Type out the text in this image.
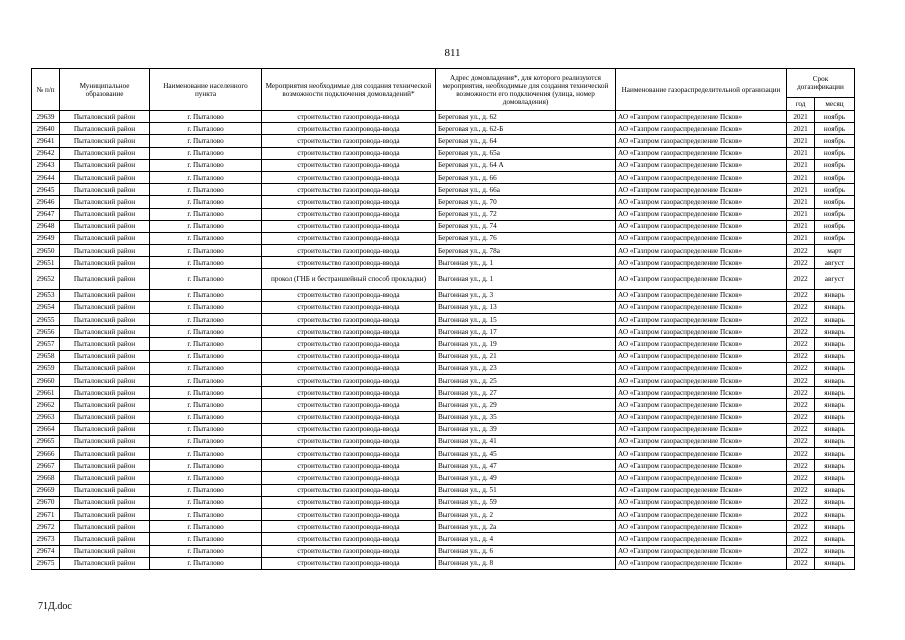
811
№ п/п	Муниципальное образование	Наименование населенного пункта	Мероприятия необходимые для создания технической возможности подключения домовладений*	Адрес домовладения*, для которого реализуются мероприятия, необходимые для создания технической возможности его подключения (улица, номер домовладения)	Наименование газораспределительной организации	Срок догазификации	
						год	месяц
29639	Пыталовский район	г. Пыталово	строительство газопровода-ввода	Береговая ул., д. 62	АО «Газпром газораспределение Псков»	2021	ноябрь
29640	Пыталовский район	г. Пыталово	строительство газопровода-ввода	Береговая ул., д. 62-Б	АО «Газпром газораспределение Псков»	2021	ноябрь
29641	Пыталовский район	г. Пыталово	строительство газопровода-ввода	Береговая ул., д. 64	АО «Газпром газораспределение Псков»	2021	ноябрь
29642	Пыталовский район	г. Пыталово	строительство газопровода-ввода	Береговая ул., д. 65а	АО «Газпром газораспределение Псков»	2021	ноябрь
29643	Пыталовский район	г. Пыталово	строительство газопровода-ввода	Береговая ул., д. 64 А	АО «Газпром газораспределение Псков»	2021	ноябрь
29644	Пыталовский район	г. Пыталово	строительство газопровода-ввода	Береговая ул., д. 66	АО «Газпром газораспределение Псков»	2021	ноябрь
29645	Пыталовский район	г. Пыталово	строительство газопровода-ввода	Береговая ул., д. 66а	АО «Газпром газораспределение Псков»	2021	ноябрь
29646	Пыталовский район	г. Пыталово	строительство газопровода-ввода	Береговая ул., д. 70	АО «Газпром газораспределение Псков»	2021	ноябрь
29647	Пыталовский район	г. Пыталово	строительство газопровода-ввода	Береговая ул., д. 72	АО «Газпром газораспределение Псков»	2021	ноябрь
29648	Пыталовский район	г. Пыталово	строительство газопровода-ввода	Береговая ул., д. 74	АО «Газпром газораспределение Псков»	2021	ноябрь
29649	Пыталовский район	г. Пыталово	строительство газопровода-ввода	Береговая ул., д. 76	АО «Газпром газораспределение Псков»	2021	ноябрь
29650	Пыталовский район	г. Пыталово	строительство газопровода-ввода	Береговая ул., д. 78а	АО «Газпром газораспределение Псков»	2022	март
29651	Пыталовский район	г. Пыталово	строительство газопровода-ввода	Выгонная ул., д. 1	АО «Газпром газораспределение Псков»	2022	август
29652	Пыталовский район	г. Пыталово	прокол (ГНБ и бестраншейный способ прокладки)	Выгонная ул., д. 1	АО «Газпром газораспределение Псков»	2022	август
29653	Пыталовский район	г. Пыталово	строительство газопровода-ввода	Выгонная ул., д. 3	АО «Газпром газораспределение Псков»	2022	январь
29654	Пыталовский район	г. Пыталово	строительство газопровода-ввода	Выгонная ул., д. 13	АО «Газпром газораспределение Псков»	2022	январь
29655	Пыталовский район	г. Пыталово	строительство газопровода-ввода	Выгонная ул., д. 15	АО «Газпром газораспределение Псков»	2022	январь
29656	Пыталовский район	г. Пыталово	строительство газопровода-ввода	Выгонная ул., д. 17	АО «Газпром газораспределение Псков»	2022	январь
29657	Пыталовский район	г. Пыталово	строительство газопровода-ввода	Выгонная ул., д. 19	АО «Газпром газораспределение Псков»	2022	январь
29658	Пыталовский район	г. Пыталово	строительство газопровода-ввода	Выгонная ул., д. 21	АО «Газпром газораспределение Псков»	2022	январь
29659	Пыталовский район	г. Пыталово	строительство газопровода-ввода	Выгонная ул., д. 23	АО «Газпром газораспределение Псков»	2022	январь
29660	Пыталовский район	г. Пыталово	строительство газопровода-ввода	Выгонная ул., д. 25	АО «Газпром газораспределение Псков»	2022	январь
29661	Пыталовский район	г. Пыталово	строительство газопровода-ввода	Выгонная ул., д. 27	АО «Газпром газораспределение Псков»	2022	январь
29662	Пыталовский район	г. Пыталово	строительство газопровода-ввода	Выгонная ул., д. 29	АО «Газпром газораспределение Псков»	2022	январь
29663	Пыталовский район	г. Пыталово	строительство газопровода-ввода	Выгонная ул., д. 35	АО «Газпром газораспределение Псков»	2022	январь
29664	Пыталовский район	г. Пыталово	строительство газопровода-ввода	Выгонная ул., д. 39	АО «Газпром газораспределение Псков»	2022	январь
29665	Пыталовский район	г. Пыталово	строительство газопровода-ввода	Выгонная ул., д. 41	АО «Газпром газораспределение Псков»	2022	январь
29666	Пыталовский район	г. Пыталово	строительство газопровода-ввода	Выгонная ул., д. 45	АО «Газпром газораспределение Псков»	2022	январь
29667	Пыталовский район	г. Пыталово	строительство газопровода-ввода	Выгонная ул., д. 47	АО «Газпром газораспределение Псков»	2022	январь
29668	Пыталовский район	г. Пыталово	строительство газопровода-ввода	Выгонная ул., д. 49	АО «Газпром газораспределение Псков»	2022	январь
29669	Пыталовский район	г. Пыталово	строительство газопровода-ввода	Выгонная ул., д. 51	АО «Газпром газораспределение Псков»	2022	январь
29670	Пыталовский район	г. Пыталово	строительство газопровода-ввода	Выгонная ул., д. 59	АО «Газпром газораспределение Псков»	2022	январь
29671	Пыталовский район	г. Пыталово	строительство газопровода-ввода	Выгонная ул., д. 2	АО «Газпром газораспределение Псков»	2022	январь
29672	Пыталовский район	г. Пыталово	строительство газопровода-ввода	Выгонная ул., д. 2а	АО «Газпром газораспределение Псков»	2022	январь
29673	Пыталовский район	г. Пыталово	строительство газопровода-ввода	Выгонная ул., д. 4	АО «Газпром газораспределение Псков»	2022	январь
29674	Пыталовский район	г. Пыталово	строительство газопровода-ввода	Выгонная ул., д. 6	АО «Газпром газораспределение Псков»	2022	январь
29675	Пыталовский район	г. Пыталово	строительство газопровода-ввода	Выгонная ул., д. 8	АО «Газпром газораспределение Псков»	2022	январь
71Д.doc
